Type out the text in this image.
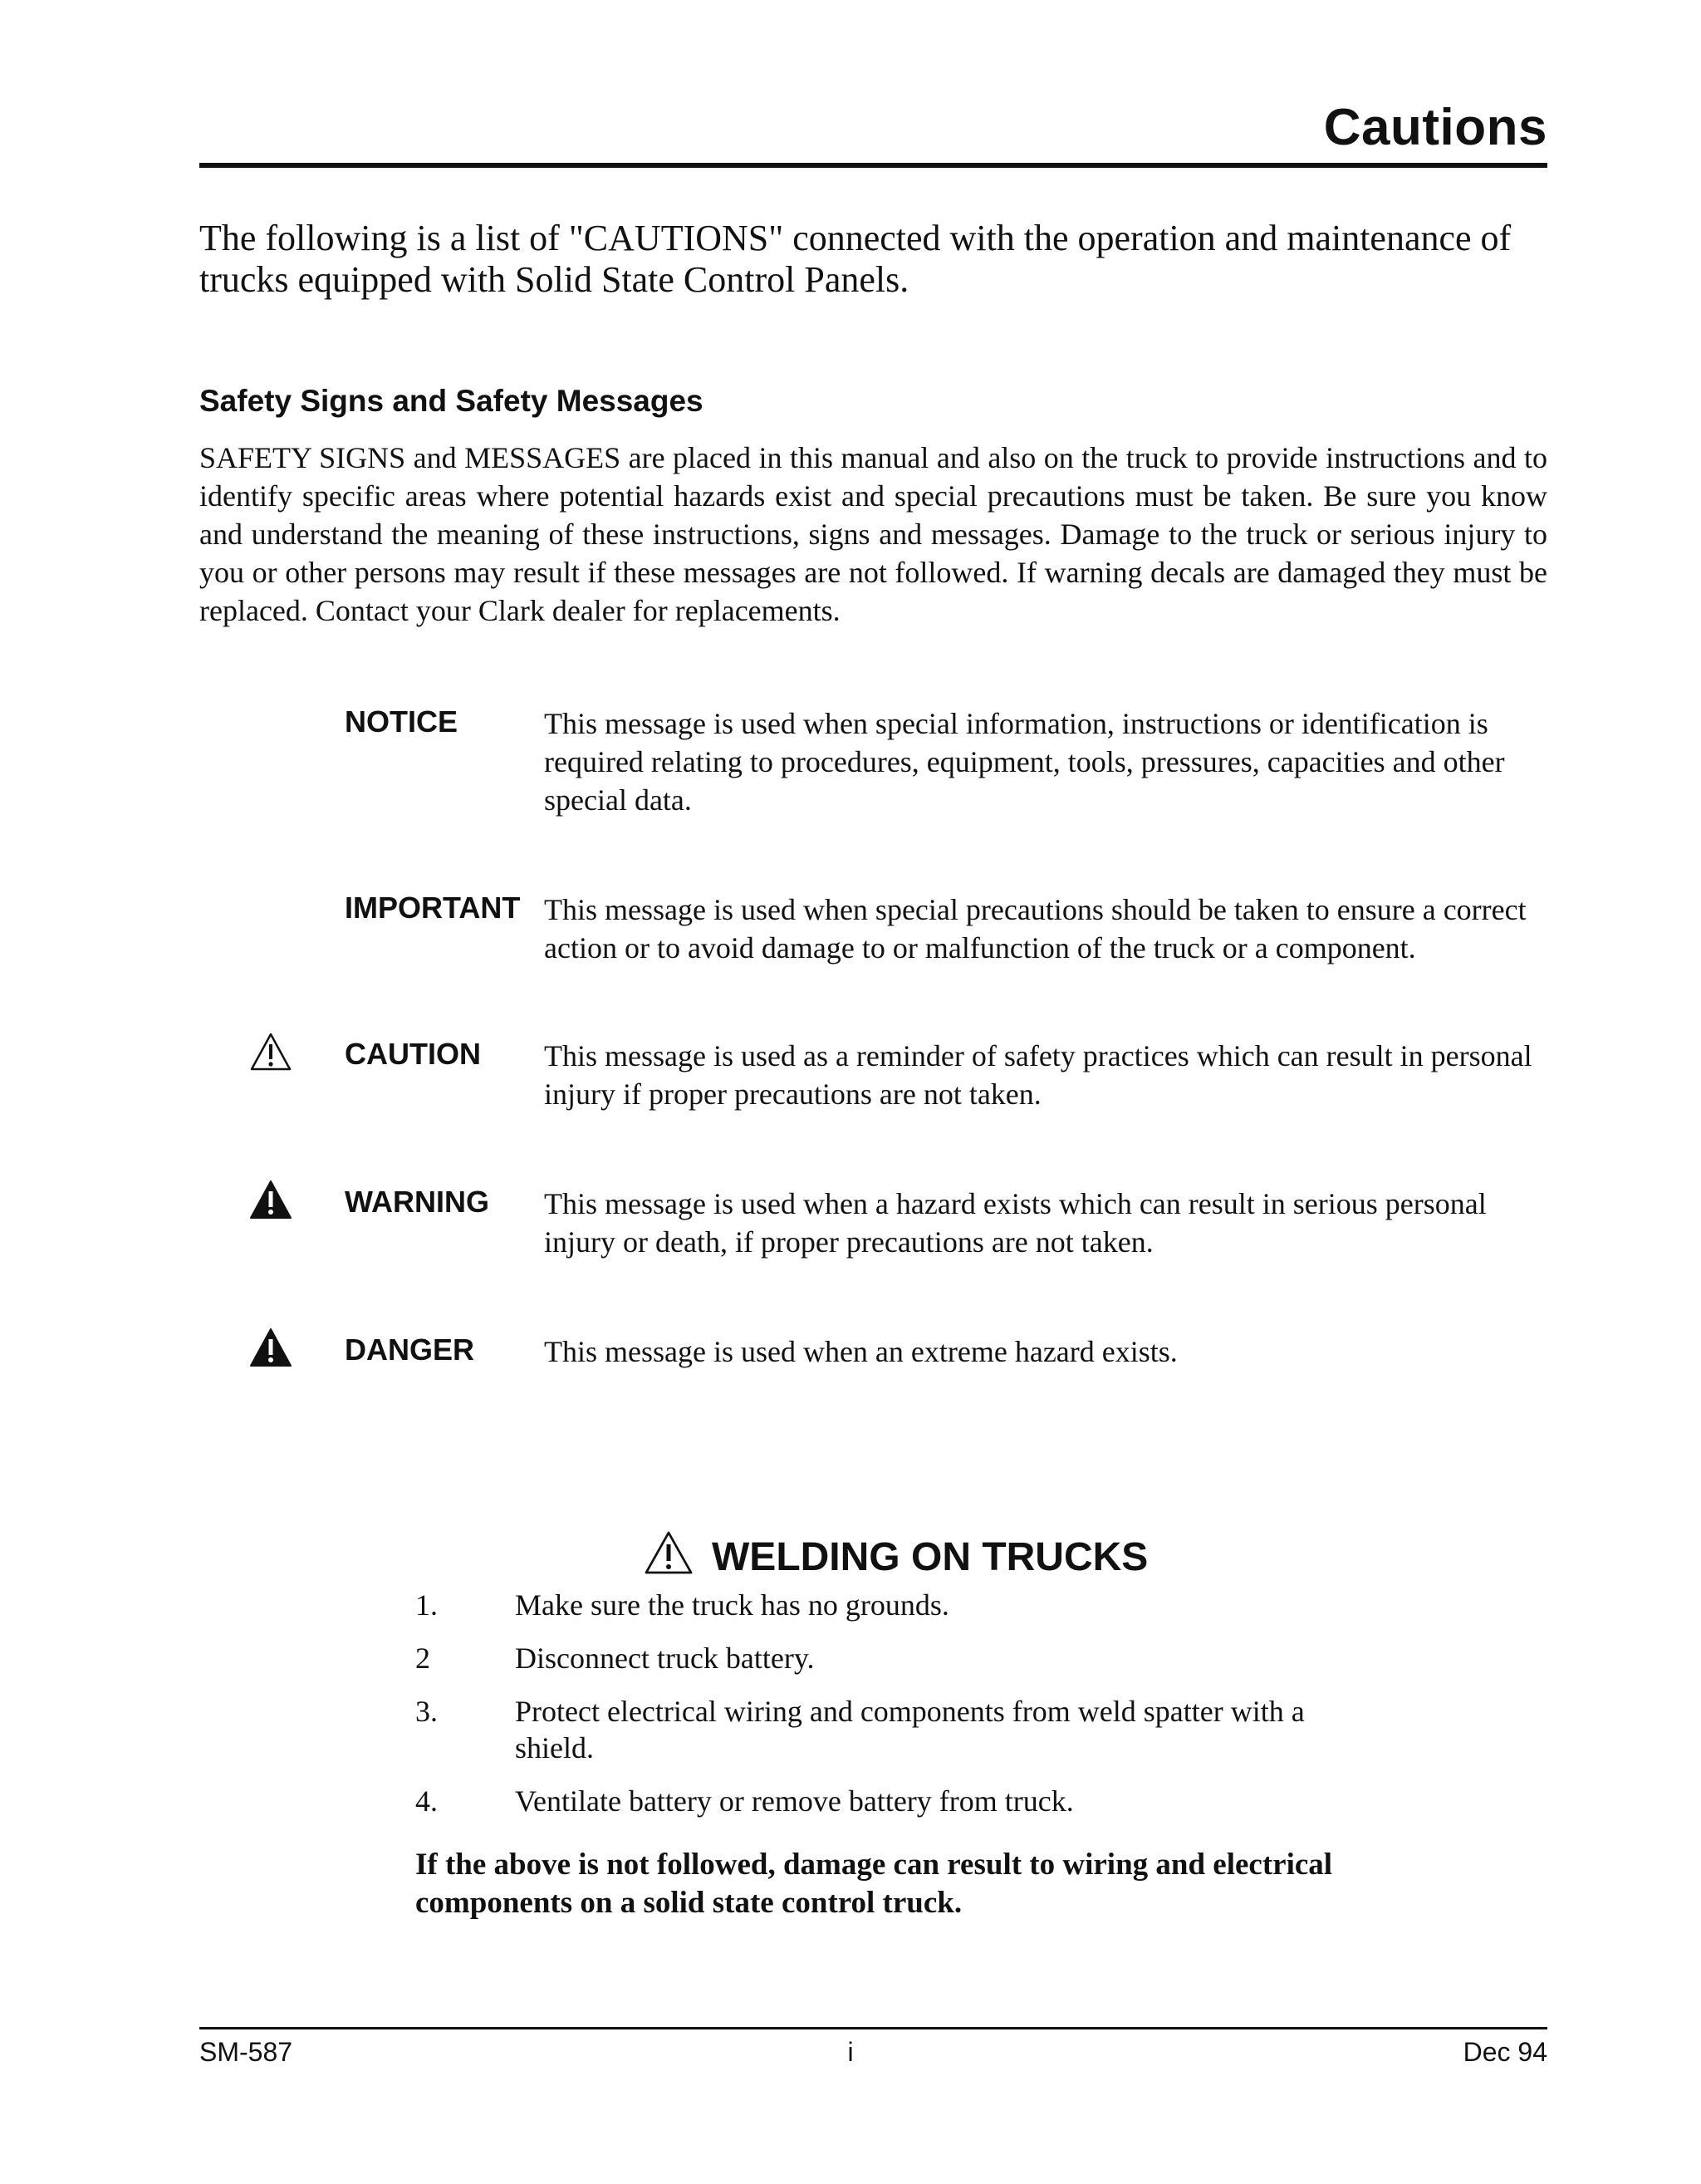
Cautions

The following is a list of "CAUTIONS" connected with the operation and maintenance of trucks equipped with Solid State Control Panels.

Safety Signs and Safety Messages

SAFETY SIGNS and MESSAGES are placed in this manual and also on the truck to provide instructions and to identify specific areas where potential hazards exist and special precautions must be taken. Be sure you know and understand the meaning of these instructions, signs and messages. Damage to the truck or serious injury to you or other persons may result if these messages are not followed. If warning decals are damaged they must be replaced. Contact your Clark dealer for replacements.

NOTICE	This message is used when special information, instructions or identification is required relating to procedures, equipment, tools, pressures, capacities and other special data.
IMPORTANT This message is used when special precautions should be taken to ensure a correct action or to avoid damage to or malfunction of the truck or a component.
CAUTION This message is used as a reminder of safety practices which can result in personal injury if proper precautions are not taken.
WARNING This message is used when a hazard exists which can result in serious personal injury or death, if proper precautions are not taken.
DANGER This message is used when an extreme hazard exists.
WELDING ON TRUCKS
1.	Make sure the truck has no grounds.
2	Disconnect truck battery.
3.	Protect electrical wiring and components from weld spatter with a shield.
4.	Ventilate battery or remove battery from truck.

If the above is not followed, damage can result to wiring and electrical components on a solid state control truck.

SM-587	i	Dec 94
